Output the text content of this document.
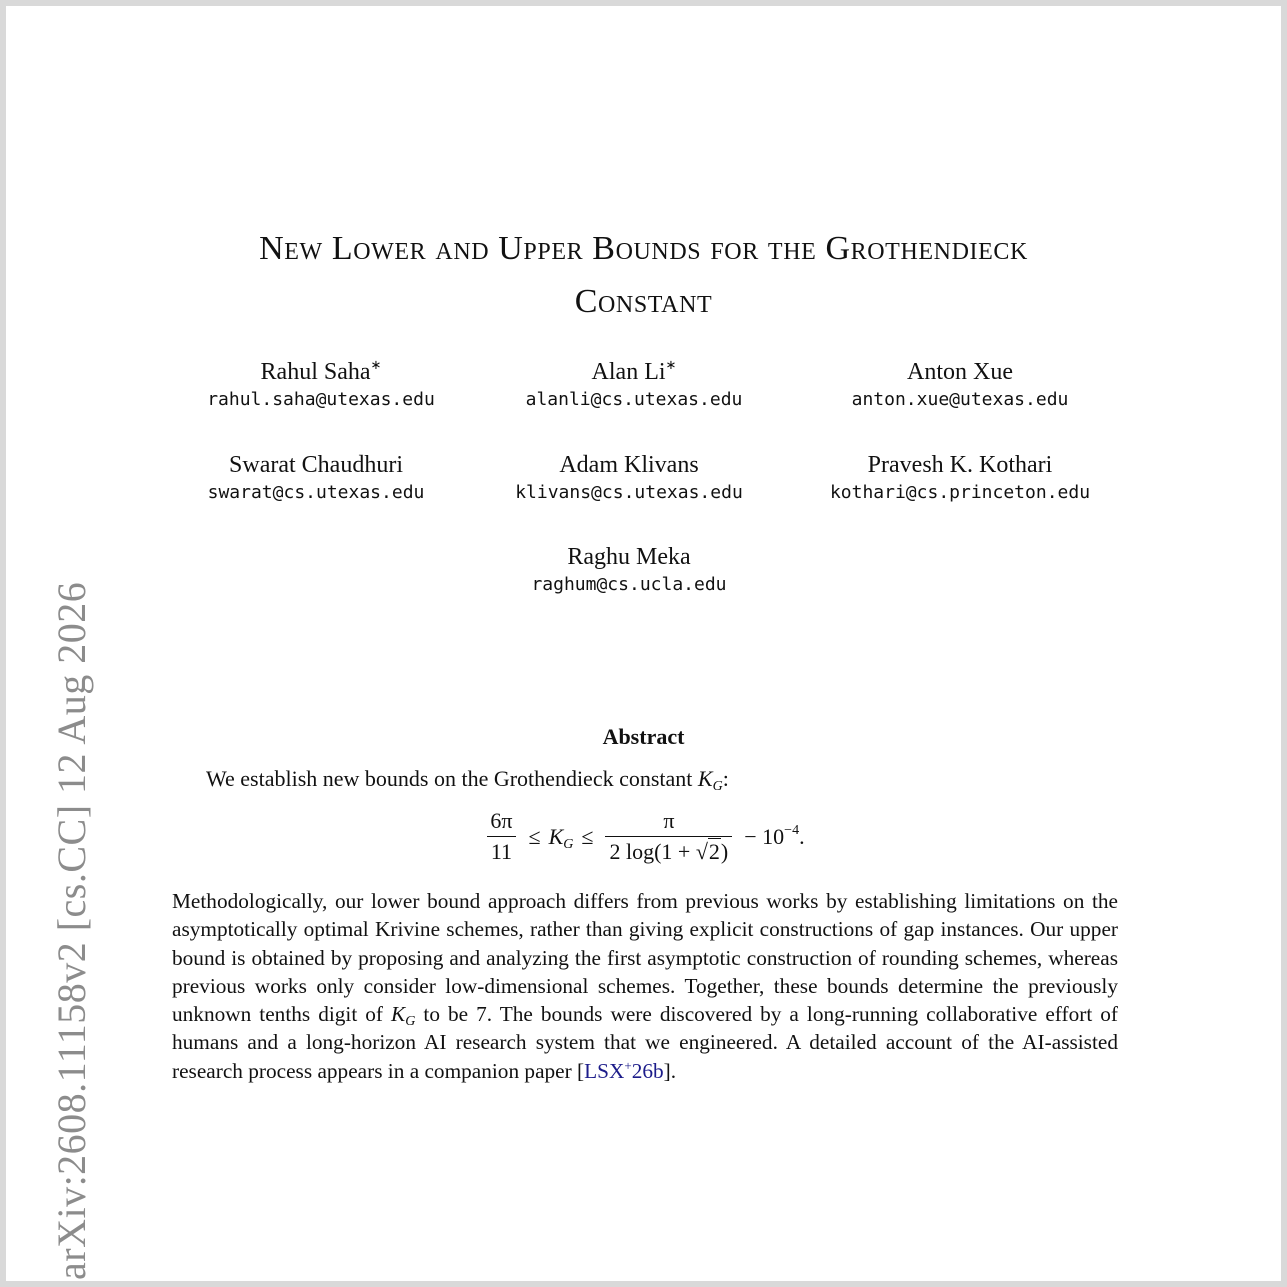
arXiv:2608.11158v2 [cs.CC] 12 Aug 2026
New Lower and Upper Bounds for the Grothendieck
Constant
Rahul Saha∗
rahul.saha@utexas.edu
Alan Li∗
alanli@cs.utexas.edu
Anton Xue
anton.xue@utexas.edu
Swarat Chaudhuri
swarat@cs.utexas.edu
Adam Klivans
klivans@cs.utexas.edu
Pravesh K. Kothari
kothari@cs.princeton.edu
Raghu Meka
raghum@cs.ucla.edu
Abstract
We establish new bounds on the Grothendieck constant $K_G$:
$\frac{6\pi}{11} \le K_G \le \frac{\pi}{2 \log(1 + √2)} - 10^{-4}$.
Methodologically, our lower bound approach differs from previous works by establishing limitations on the asymptotically optimal Krivine schemes, rather than giving explicit constructions of gap instances. Our upper bound is obtained by proposing and analyzing the first asymptotic construction of rounding schemes, whereas previous works only consider low-dimensional schemes. Together, these bounds determine the previously unknown tenths digit of $K_G$ to be 7. The bounds were discovered by a long-running collaborative effort of humans and a long-horizon AI research system that we engineered. A detailed account of the AI-assisted research process appears in a companion paper [LSX+26b].
